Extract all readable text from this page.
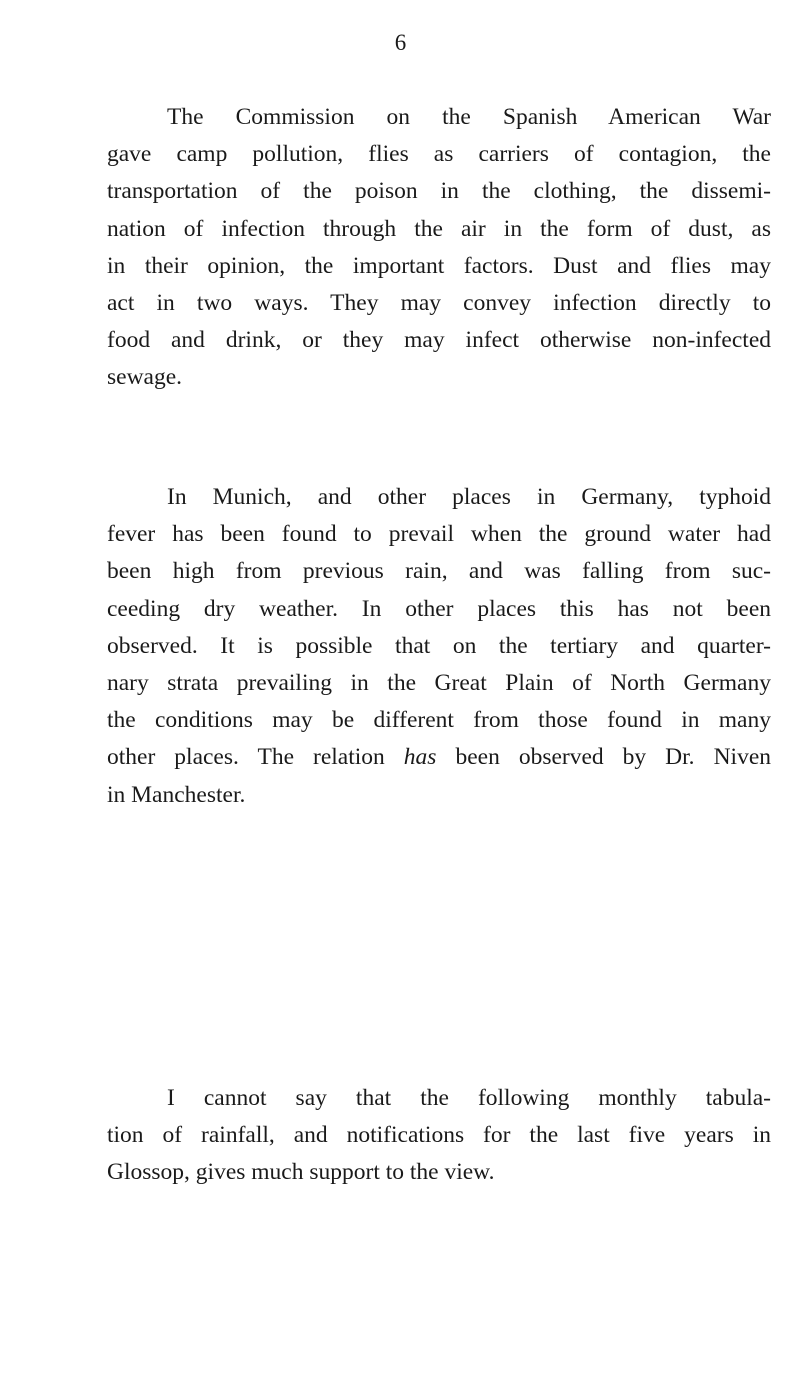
6

The Commission on the Spanish American War
gave camp pollution, flies as carriers of contagion, the
transportation of the poison in the clothing, the dissemi-
nation of infection through the air in the form of dust, as
in their opinion, the important factors. Dust and flies may
act in two ways. They may convey infection directly to
food and drink, or they may infect otherwise non-infected
sewage.

In Munich, and other places in Germany, typhoid
fever has been found to prevail when the ground water had
been high from previous rain, and was falling from suc-
ceeding dry weather. In other places this has not been
observed. It is possible that on the tertiary and quarter-
nary strata prevailing in the Great Plain of North Germany
the conditions may be different from those found in many
other places. The relation has been observed by Dr. Niven
in Manchester.

I cannot say that the following monthly tabula-
tion of rainfall, and notifications for the last five years in
Glossop, gives much support to the view.
